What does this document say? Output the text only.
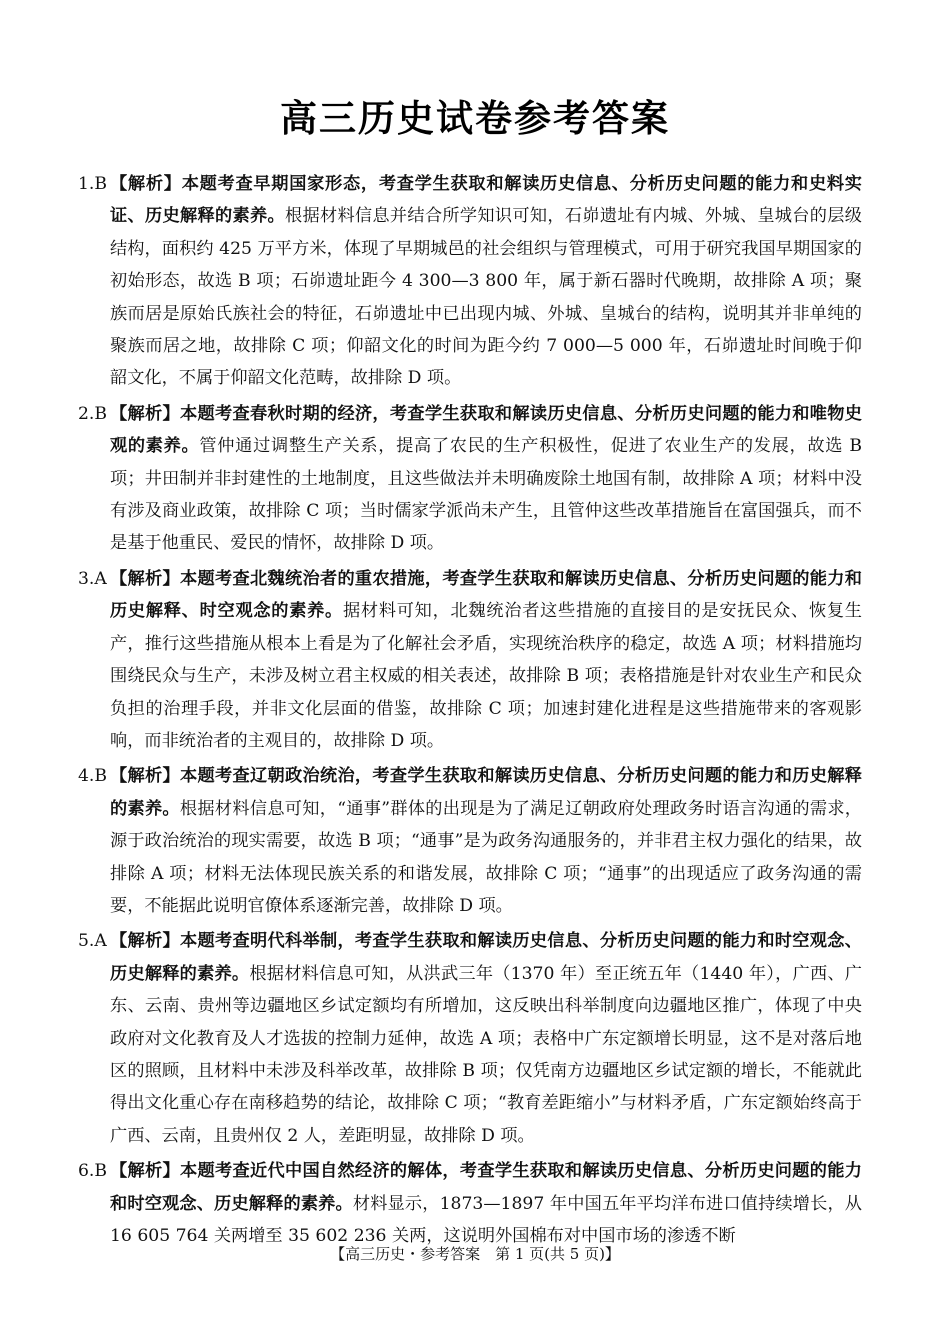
高三历史试卷参考答案
1.B 【解析】本题考查早期国家形态，考查学生获取和解读历史信息、分析历史问题的能力和史料实证、历史解释的素养。根据材料信息并结合所学知识可知，石峁遗址有内城、外城、皇城台的层级结构，面积约 425 万平方米，体现了早期城邑的社会组织与管理模式，可用于研究我国早期国家的初始形态，故选 B 项；石峁遗址距今 4 300—3 800 年，属于新石器时代晚期，故排除 A 项；聚族而居是原始氏族社会的特征，石峁遗址中已出现内城、外城、皇城台的结构，说明其并非单纯的聚族而居之地，故排除 C 项；仰韶文化的时间为距今约 7 000—5 000 年，石峁遗址时间晚于仰韶文化，不属于仰韶文化范畴，故排除 D 项。
2.B 【解析】本题考查春秋时期的经济，考查学生获取和解读历史信息、分析历史问题的能力和唯物史观的素养。管仲通过调整生产关系，提高了农民的生产积极性，促进了农业生产的发展，故选 B 项；井田制并非封建性的土地制度，且这些做法并未明确废除土地国有制，故排除 A 项；材料中没有涉及商业政策，故排除 C 项；当时儒家学派尚未产生，且管仲这些改革措施旨在富国强兵，而不是基于他重民、爱民的情怀，故排除 D 项。
3.A 【解析】本题考查北魏统治者的重农措施，考查学生获取和解读历史信息、分析历史问题的能力和历史解释、时空观念的素养。据材料可知，北魏统治者这些措施的直接目的是安抚民众、恢复生产，推行这些措施从根本上看是为了化解社会矛盾，实现统治秩序的稳定，故选 A 项；材料措施均围绕民众与生产，未涉及树立君主权威的相关表述，故排除 B 项；表格措施是针对农业生产和民众负担的治理手段，并非文化层面的借鉴，故排除 C 项；加速封建化进程是这些措施带来的客观影响，而非统治者的主观目的，故排除 D 项。
4.B 【解析】本题考查辽朝政治统治，考查学生获取和解读历史信息、分析历史问题的能力和历史解释的素养。根据材料信息可知，“通事”群体的出现是为了满足辽朝政府处理政务时语言沟通的需求，源于政治统治的现实需要，故选 B 项；“通事”是为政务沟通服务的，并非君主权力强化的结果，故排除 A 项；材料无法体现民族关系的和谐发展，故排除 C 项；“通事”的出现适应了政务沟通的需要，不能据此说明官僚体系逐渐完善，故排除 D 项。
5.A 【解析】本题考查明代科举制，考查学生获取和解读历史信息、分析历史问题的能力和时空观念、历史解释的素养。根据材料信息可知，从洪武三年（1370 年）至正统五年（1440 年），广西、广东、云南、贵州等边疆地区乡试定额均有所增加，这反映出科举制度向边疆地区推广，体现了中央政府对文化教育及人才选拔的控制力延伸，故选 A 项；表格中广东定额增长明显，这不是对落后地区的照顾，且材料中未涉及科举改革，故排除 B 项；仅凭南方边疆地区乡试定额的增长，不能就此得出文化重心存在南移趋势的结论，故排除 C 项；“教育差距缩小”与材料矛盾，广东定额始终高于广西、云南，且贵州仅 2 人，差距明显，故排除 D 项。
6.B 【解析】本题考查近代中国自然经济的解体，考查学生获取和解读历史信息、分析历史问题的能力和时空观念、历史解释的素养。材料显示，1873—1897 年中国五年平均洋布进口值持续增长，从 16 605 764 关两增至 35 602 236 关两，这说明外国棉布对中国市场的渗透不断
【高三历史・参考答案　第 1 页(共 5 页)】
